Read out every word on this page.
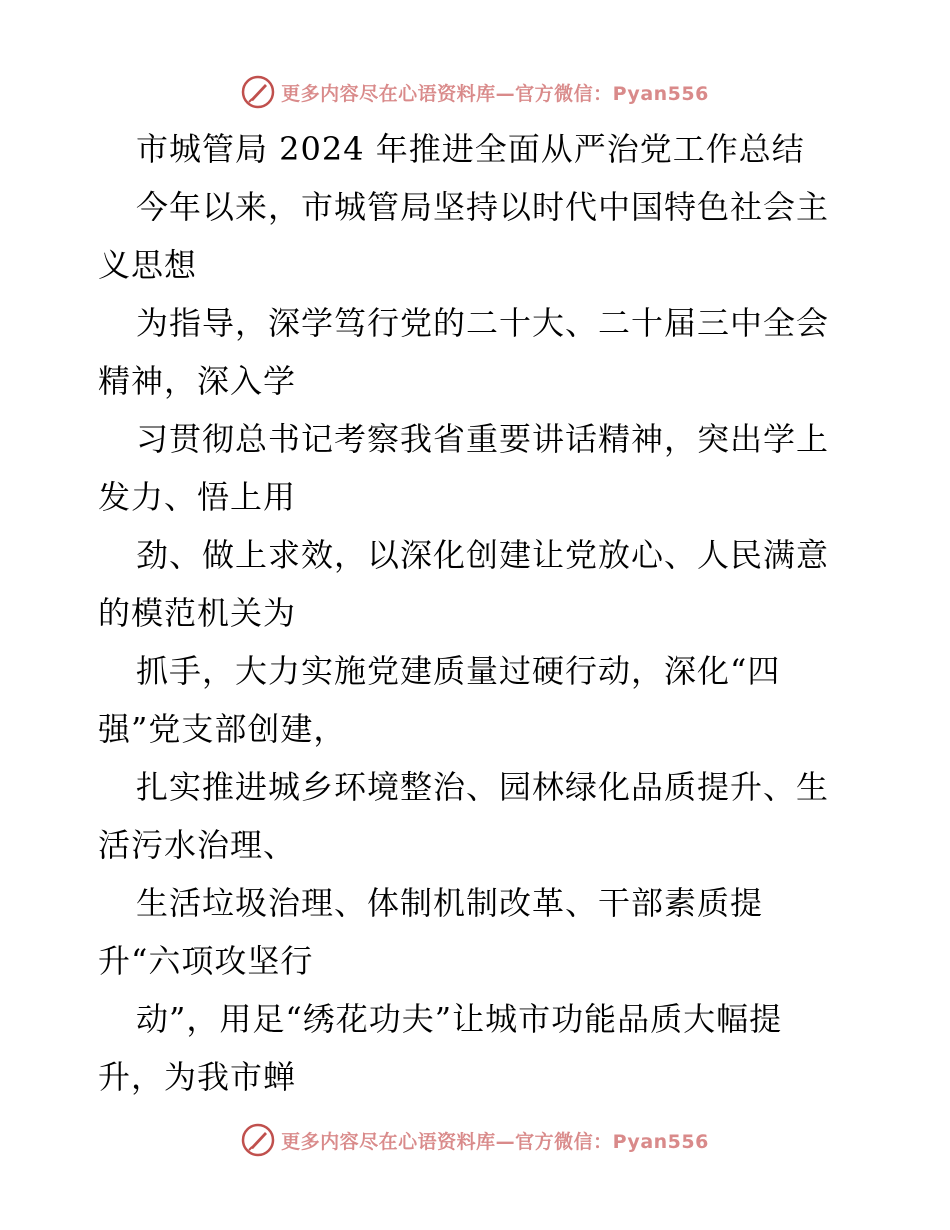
更多内容尽在心语资料库—官方微信：Pyan556
市城管局 2024 年推进全面从严治党工作总结
今年以来，市城管局坚持以时代中国特色社会主
义思想
为指导，深学笃行党的二十大、二十届三中全会
精神，深入学
习贯彻总书记考察我省重要讲话精神，突出学上
发力、悟上用
劲、做上求效，以深化创建让党放心、人民满意
的模范机关为
抓手，大力实施党建质量过硬行动，深化“四
强”党支部创建，
扎实推进城乡环境整治、园林绿化品质提升、生
活污水治理、
生活垃圾治理、体制机制改革、干部素质提
升“六项攻坚行
动”，用足“绣花功夫”让城市功能品质大幅提
升，为我市蝉
更多内容尽在心语资料库—官方微信：Pyan556
